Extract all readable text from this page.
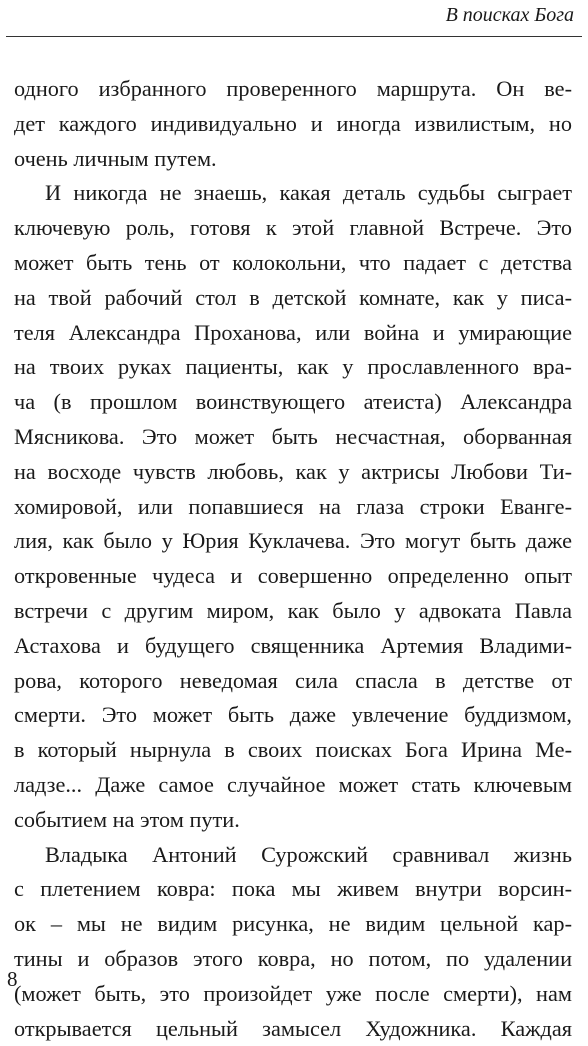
В поисках Бога
одного избранного проверенного маршрута. Он ве-
дет каждого индивидуально и иногда извилистым, но
очень личным путем.
И никогда не знаешь, какая деталь судьбы сыграет
ключевую роль, готовя к этой главной Встрече. Это
может быть тень от колокольни, что падает с детства
на твой рабочий стол в детской комнате, как у писа-
теля Александра Проханова, или война и умирающие
на твоих руках пациенты, как у прославленного вра-
ча (в прошлом воинствующего атеиста) Александра
Мясникова. Это может быть несчастная, оборванная
на восходе чувств любовь, как у актрисы Любови Ти-
хомировой, или попавшиеся на глаза строки Еванге-
лия, как было у Юрия Куклачева. Это могут быть даже
откровенные чудеса и совершенно определенно опыт
встречи с другим миром, как было у адвоката Павла
Астахова и будущего священника Артемия Владими-
рова, которого неведомая сила спасла в детстве от
смерти. Это может быть даже увлечение буддизмом,
в который нырнула в своих поисках Бога Ирина Ме-
ладзе... Даже самое случайное может стать ключевым
событием на этом пути.
Владыка Антоний Сурожский сравнивал жизнь
с плетением ковра: пока мы живем внутри ворсин-
ок – мы не видим рисунка, не видим цельной кар-
тины и образов этого ковра, но потом, по удалении
(может быть, это произойдет уже после смерти), нам
открывается цельный замысел Художника. Каждая
8
